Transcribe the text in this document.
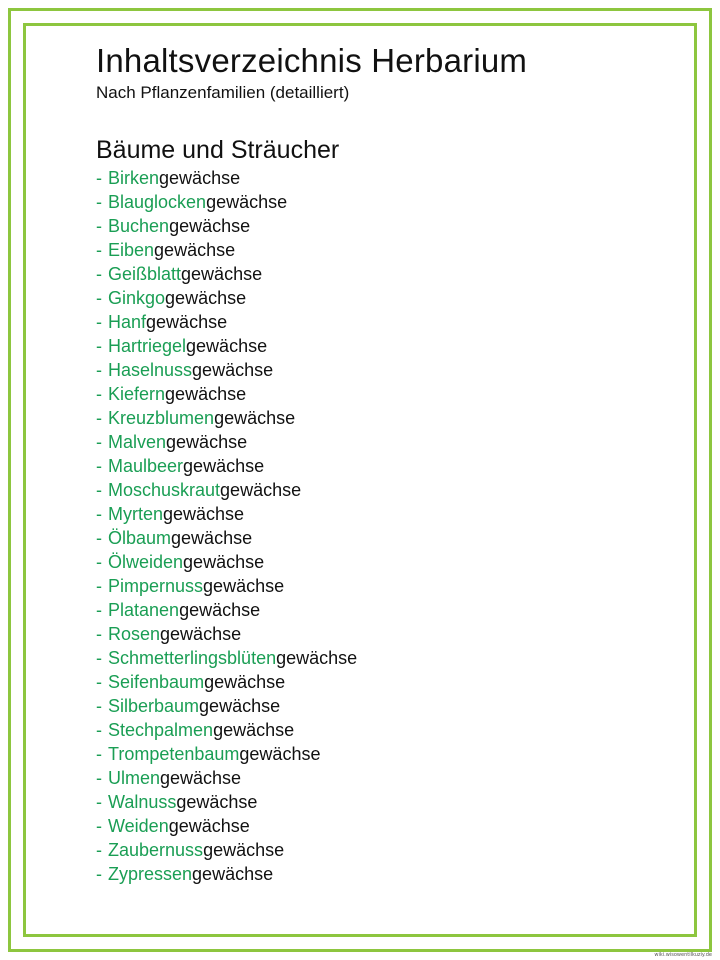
Inhaltsverzeichnis Herbarium

Nach Pflanzenfamilien (detailliert)

Bäume und Sträucher
- Birkengewächse
- Blauglockengewächse
- Buchengewächse
- Eibengewächse
- Geißblattgewächse
- Ginkgogewächse
- Hanfgewächse
- Hartriegelgewächse
- Haselnussgewächse
- Kieferngewächse
- Kreuzblumengewächse
- Malvengewächse
- Maulbeergewächse
- Moschuskrautgewächse
- Myrtengewächse
- Ölbaumgewächse
- Ölweidengewächse
- Pimpernussgewächse
- Platanengewächse
- Rosengewächse
- Schmetterlingsblütengewächse
- Seifenbaumgewächse
- Silberbaumgewächse
- Stechpalmengewächse
- Trompetenbaumgewächse
- Ulmengewächse
- Walnussgewächse
- Weidengewächse
- Zaubernussgewächse
- Zypressengewächse
wiki.wisowentilkuziy.de
